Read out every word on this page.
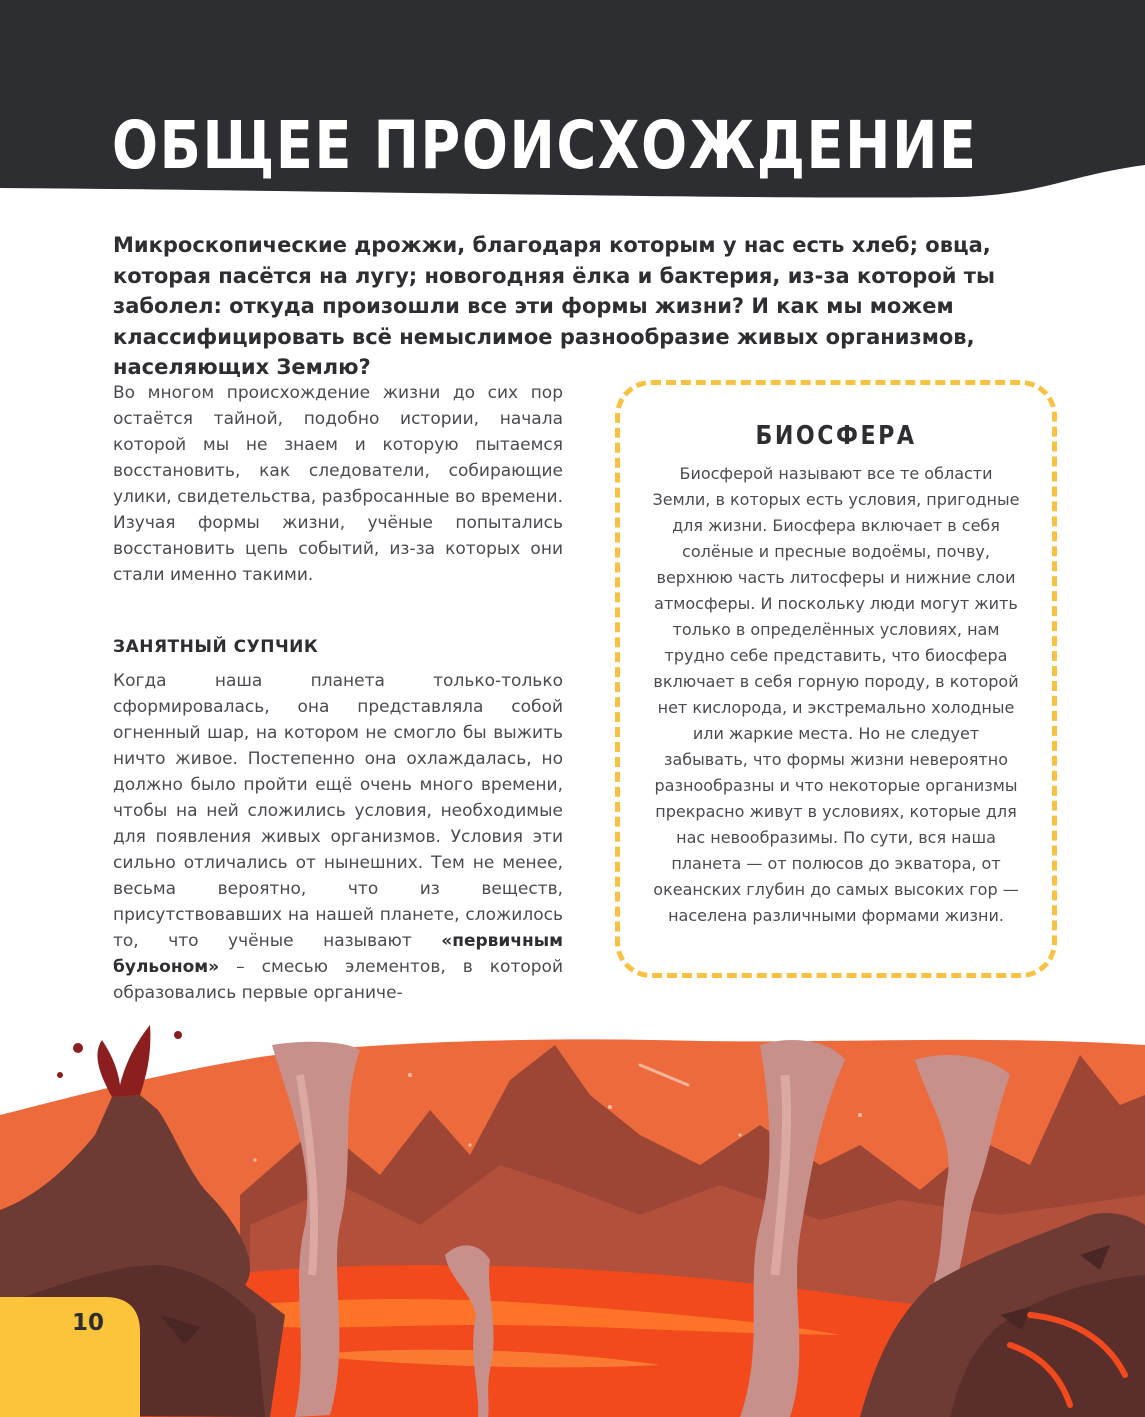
ОБЩЕЕ ПРОИСХОЖДЕНИЕ

Микроскопические дрожжи, благодаря которым у нас есть хлеб; овца, которая пасётся на лугу; новогодняя ёлка и бактерия, из-за которой ты заболел: откуда произошли все эти формы жизни? И как мы можем классифицировать всё немыслимое разнообразие живых организмов, населяющих Землю?

Во многом происхождение жизни до сих пор остаётся тайной, подобно истории, начала которой мы не знаем и которую пытаемся восстановить, как следователи, собирающие улики, свидетельства, разбросанные во времени. Изучая формы жизни, учёные попытались восстановить цепь событий, из-за которых они стали именно такими.

ЗАНЯТНЫЙ СУПЧИК

Когда наша планета только-только сформировалась, она представляла собой огненный шар, на котором не смогло бы выжить ничто живое. Постепенно она охлаждалась, но должно было пройти ещё очень много времени, чтобы на ней сложились условия, необходимые для появления живых организмов. Условия эти сильно отличались от нынешних. Тем не менее, весьма вероятно, что из веществ, присутствовавших на нашей планете, сложилось то, что учёные называют «первичным бульоном» – смесью элементов, в которой образовались первые органиче-

БИОСФЕРА

Биосферой называют все те области Земли, в которых есть условия, пригодные для жизни. Биосфера включает в себя солёные и пресные водоёмы, почву, верхнюю часть литосферы и нижние слои атмосферы. И поскольку люди могут жить только в определённых условиях, нам трудно себе представить, что биосфера включает в себя горную породу, в которой нет кислорода, и экстремально холодные или жаркие места. Но не следует забывать, что формы жизни невероятно разнообразны и что некоторые организмы прекрасно живут в условиях, которые для нас невообразимы. По сути, вся наша планета — от полюсов до экватора, от океанских глубин до самых высоких гор — населена различными формами жизни.

10
